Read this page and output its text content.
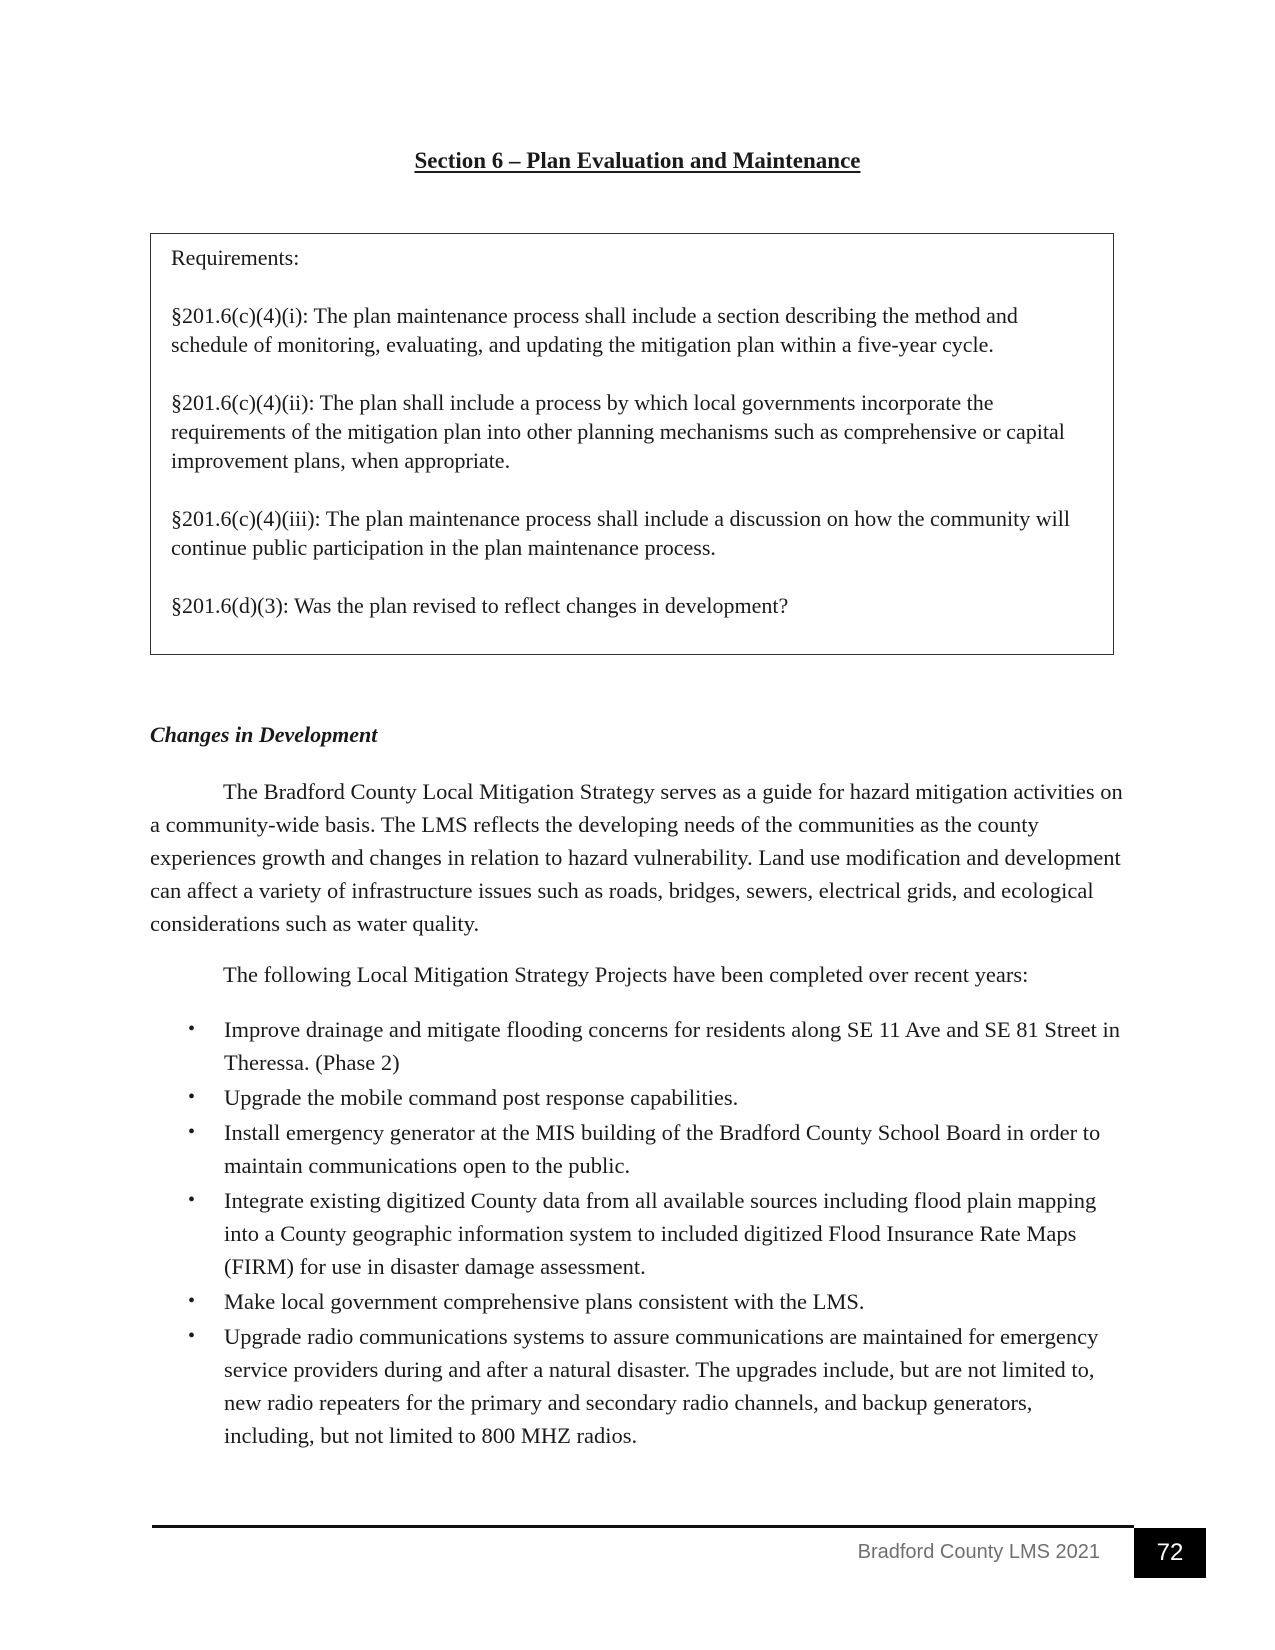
Section 6 – Plan Evaluation and Maintenance

Requirements:

§201.6(c)(4)(i): The plan maintenance process shall include a section describing the method and schedule of monitoring, evaluating, and updating the mitigation plan within a five-year cycle.

§201.6(c)(4)(ii): The plan shall include a process by which local governments incorporate the requirements of the mitigation plan into other planning mechanisms such as comprehensive or capital improvement plans, when appropriate.

§201.6(c)(4)(iii): The plan maintenance process shall include a discussion on how the community will continue public participation in the plan maintenance process.

§201.6(d)(3): Was the plan revised to reflect changes in development?

Changes in Development

The Bradford County Local Mitigation Strategy serves as a guide for hazard mitigation activities on a community-wide basis. The LMS reflects the developing needs of the communities as the county experiences growth and changes in relation to hazard vulnerability. Land use modification and development can affect a variety of infrastructure issues such as roads, bridges, sewers, electrical grids, and ecological considerations such as water quality.

The following Local Mitigation Strategy Projects have been completed over recent years:

• Improve drainage and mitigate flooding concerns for residents along SE 11 Ave and SE 81 Street in Theressa. (Phase 2)
• Upgrade the mobile command post response capabilities.
• Install emergency generator at the MIS building of the Bradford County School Board in order to maintain communications open to the public.
• Integrate existing digitized County data from all available sources including flood plain mapping into a County geographic information system to included digitized Flood Insurance Rate Maps (FIRM) for use in disaster damage assessment.
• Make local government comprehensive plans consistent with the LMS.
• Upgrade radio communications systems to assure communications are maintained for emergency service providers during and after a natural disaster. The upgrades include, but are not limited to, new radio repeaters for the primary and secondary radio channels, and backup generators, including, but not limited to 800 MHZ radios.

Bradford County LMS 2021	72
